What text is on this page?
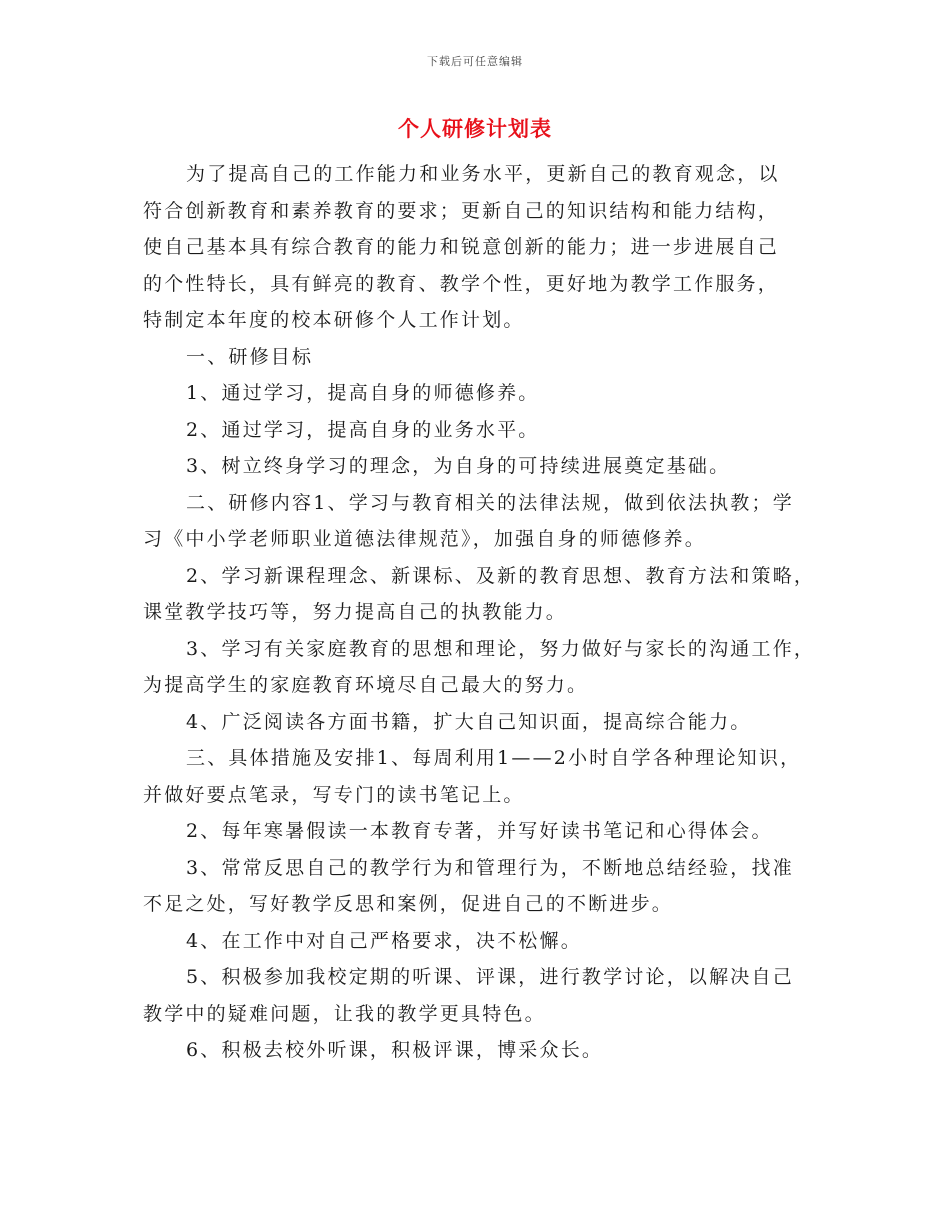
下载后可任意编辑
个人研修计划表
为了提高自己的工作能力和业务水平，更新自己的教育观念，以
符合创新教育和素养教育的要求；更新自己的知识结构和能力结构，
使自己基本具有综合教育的能力和锐意创新的能力；进一步进展自己
的个性特长，具有鲜亮的教育、教学个性，更好地为教学工作服务，
特制定本年度的校本研修个人工作计划。
一、研修目标
1、通过学习，提高自身的师德修养。
2、通过学习，提高自身的业务水平。
3、树立终身学习的理念，为自身的可持续进展奠定基础。
二、研修内容1、学习与教育相关的法律法规，做到依法执教；学
习《中小学老师职业道德法律规范》，加强自身的师德修养。
2、学习新课程理念、新课标、及新的教育思想、教育方法和策略，
课堂教学技巧等，努力提高自己的执教能力。
3、学习有关家庭教育的思想和理论，努力做好与家长的沟通工作，
为提高学生的家庭教育环境尽自己最大的努力。
4、广泛阅读各方面书籍，扩大自己知识面，提高综合能力。
三、具体措施及安排1、每周利用1——2小时自学各种理论知识，
并做好要点笔录，写专门的读书笔记上。
2、每年寒暑假读一本教育专著，并写好读书笔记和心得体会。
3、常常反思自己的教学行为和管理行为，不断地总结经验，找准
不足之处，写好教学反思和案例，促进自己的不断进步。
4、在工作中对自己严格要求，决不松懈。
5、积极参加我校定期的听课、评课，进行教学讨论，以解决自己
教学中的疑难问题，让我的教学更具特色。
6、积极去校外听课，积极评课，博采众长。
